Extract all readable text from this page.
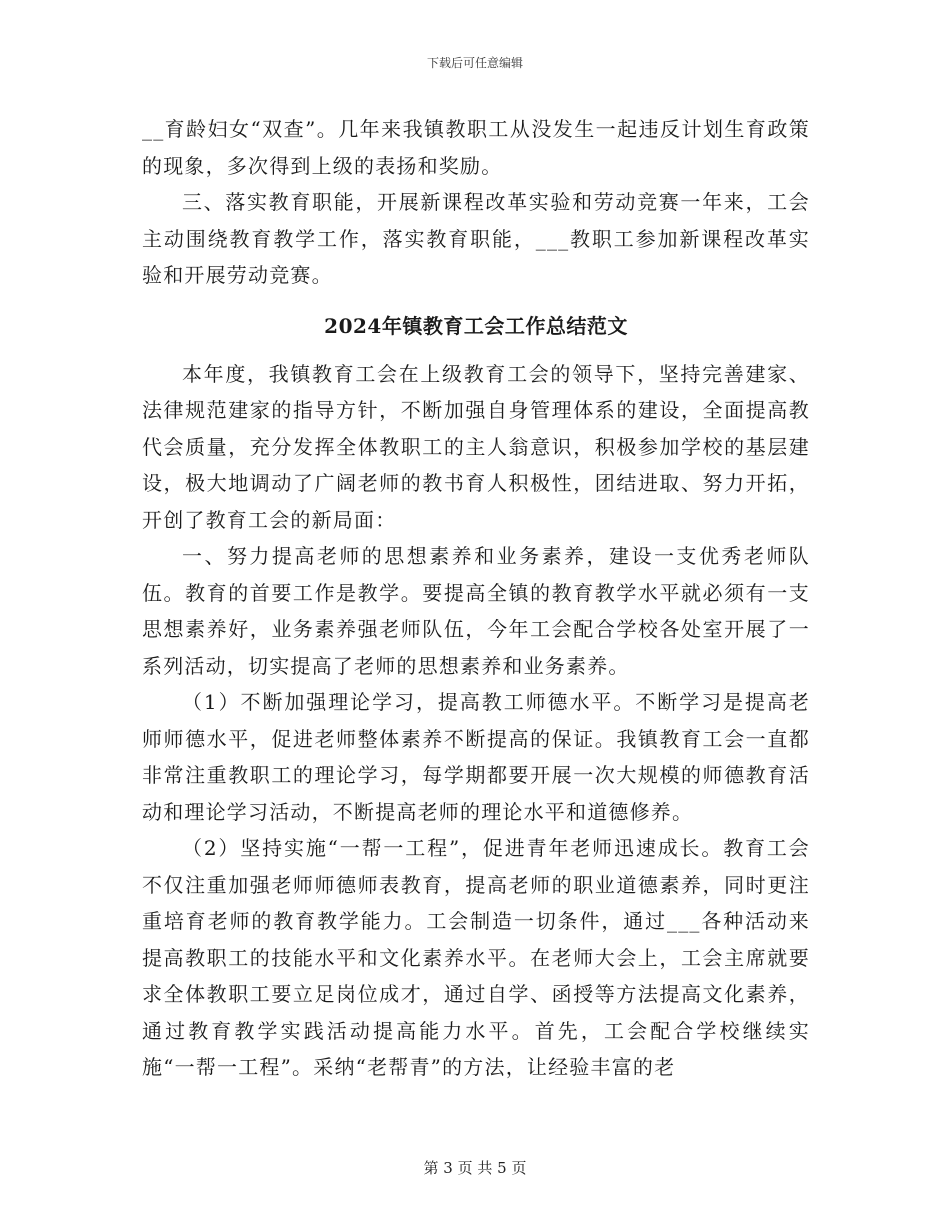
下载后可任意编辑

__育龄妇女“双查”。几年来我镇教职工从没发生一起违反计划生育政策的现象，多次得到上级的表扬和奖励。

三、落实教育职能，开展新课程改革实验和劳动竞赛一年来，工会主动围绕教育教学工作，落实教育职能，___教职工参加新课程改革实验和开展劳动竞赛。

2024年镇教育工会工作总结范文

本年度，我镇教育工会在上级教育工会的领导下，坚持完善建家、法律规范建家的指导方针，不断加强自身管理体系的建设，全面提高教代会质量，充分发挥全体教职工的主人翁意识，积极参加学校的基层建设，极大地调动了广阔老师的教书育人积极性，团结进取、努力开拓，开创了教育工会的新局面：

一、努力提高老师的思想素养和业务素养，建设一支优秀老师队伍。教育的首要工作是教学。要提高全镇的教育教学水平就必须有一支思想素养好，业务素养强老师队伍，今年工会配合学校各处室开展了一系列活动，切实提高了老师的思想素养和业务素养。

（1）不断加强理论学习，提高教工师德水平。不断学习是提高老师师德水平，促进老师整体素养不断提高的保证。我镇教育工会一直都非常注重教职工的理论学习，每学期都要开展一次大规模的师德教育活动和理论学习活动，不断提高老师的理论水平和道德修养。

（2）坚持实施“一帮一工程”，促进青年老师迅速成长。教育工会不仅注重加强老师师德师表教育，提高老师的职业道德素养，同时更注重培育老师的教育教学能力。工会制造一切条件，通过___各种活动来提高教职工的技能水平和文化素养水平。在老师大会上，工会主席就要求全体教职工要立足岗位成才，通过自学、函授等方法提高文化素养，通过教育教学实践活动提高能力水平。首先，工会配合学校继续实施“一帮一工程”。采纳“老帮青”的方法，让经验丰富的老

第 3 页 共 5 页
